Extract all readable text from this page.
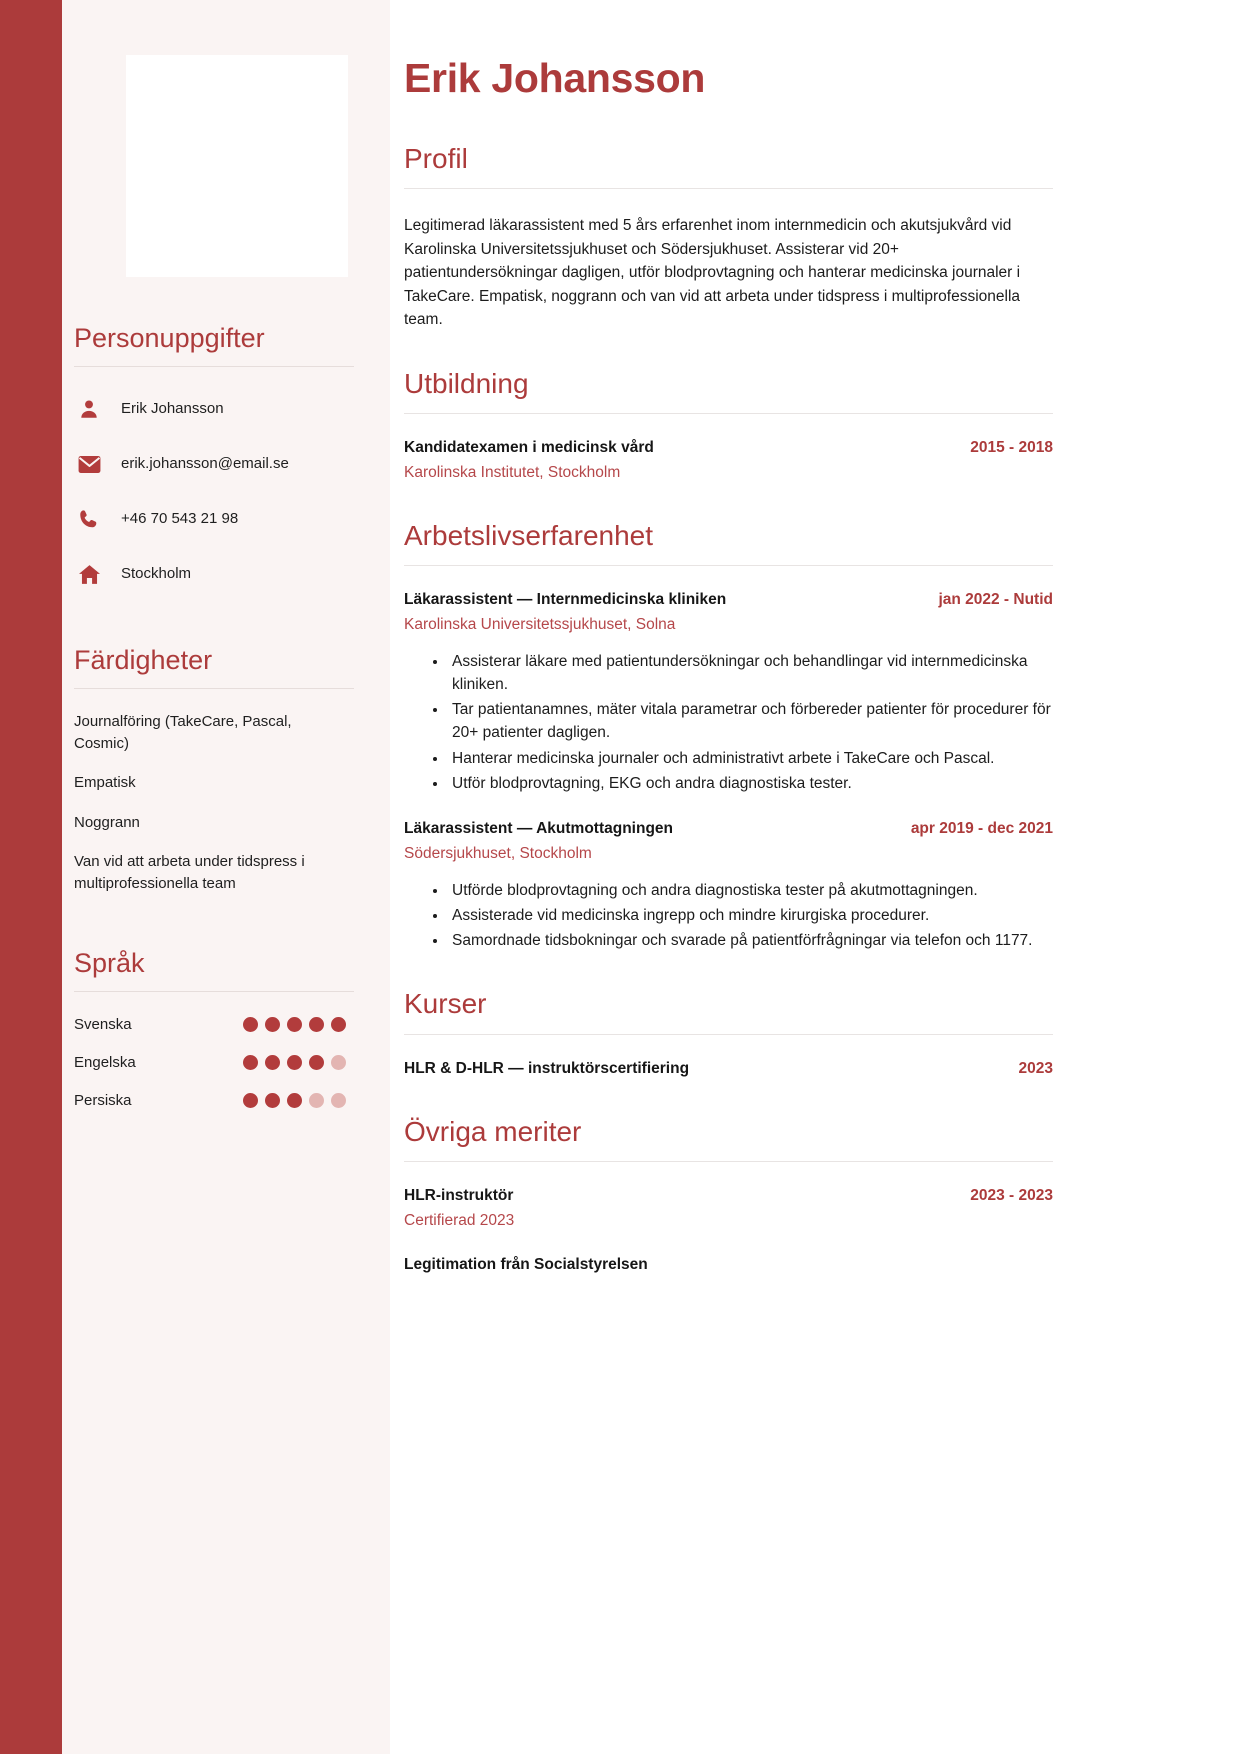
Personuppgifter
Erik Johansson
erik.johansson@email.se
+46 70 543 21 98
Stockholm
Färdigheter
Journalföring (TakeCare, Pascal, Cosmic)
Empatisk
Noggrann
Van vid att arbeta under tidspress i multiprofessionella team
Språk
Svenska
Engelska
Persiska
Erik Johansson
Profil

Legitimerad läkarassistent med 5 års erfarenhet inom internmedicin och akutsjukvård vid Karolinska Universitetssjukhuset och Södersjukhuset. Assisterar vid 20+ patientundersökningar dagligen, utför blodprovtagning och hanterar medicinska journaler i TakeCare. Empatisk, noggrann och van vid att arbeta under tidspress i multiprofessionella team.

Utbildning
Kandidatexamen i medicinsk vård	2015 - 2018
Karolinska Institutet, Stockholm
Arbetslivserfarenhet
Läkarassistent — Internmedicinska kliniken	jan 2022 - Nutid
Karolinska Universitetssjukhuset, Solna
• Assisterar läkare med patientundersökningar och behandlingar vid internmedicinska kliniken.
• Tar patientanamnes, mäter vitala parametrar och förbereder patienter för procedurer för 20+ patienter dagligen.
• Hanterar medicinska journaler och administrativt arbete i TakeCare och Pascal.
• Utför blodprovtagning, EKG och andra diagnostiska tester.
Läkarassistent — Akutmottagningen	apr 2019 - dec 2021
Södersjukhuset, Stockholm
• Utförde blodprovtagning och andra diagnostiska tester på akutmottagningen.
• Assisterade vid medicinska ingrepp och mindre kirurgiska procedurer.
• Samordnade tidsbokningar och svarade på patientförfrågningar via telefon och 1177.
Kurser
HLR & D-HLR — instruktörscertifiering	2023
Övriga meriter
HLR-instruktör	2023 - 2023
Certifierad 2023
Legitimation från Socialstyrelsen
